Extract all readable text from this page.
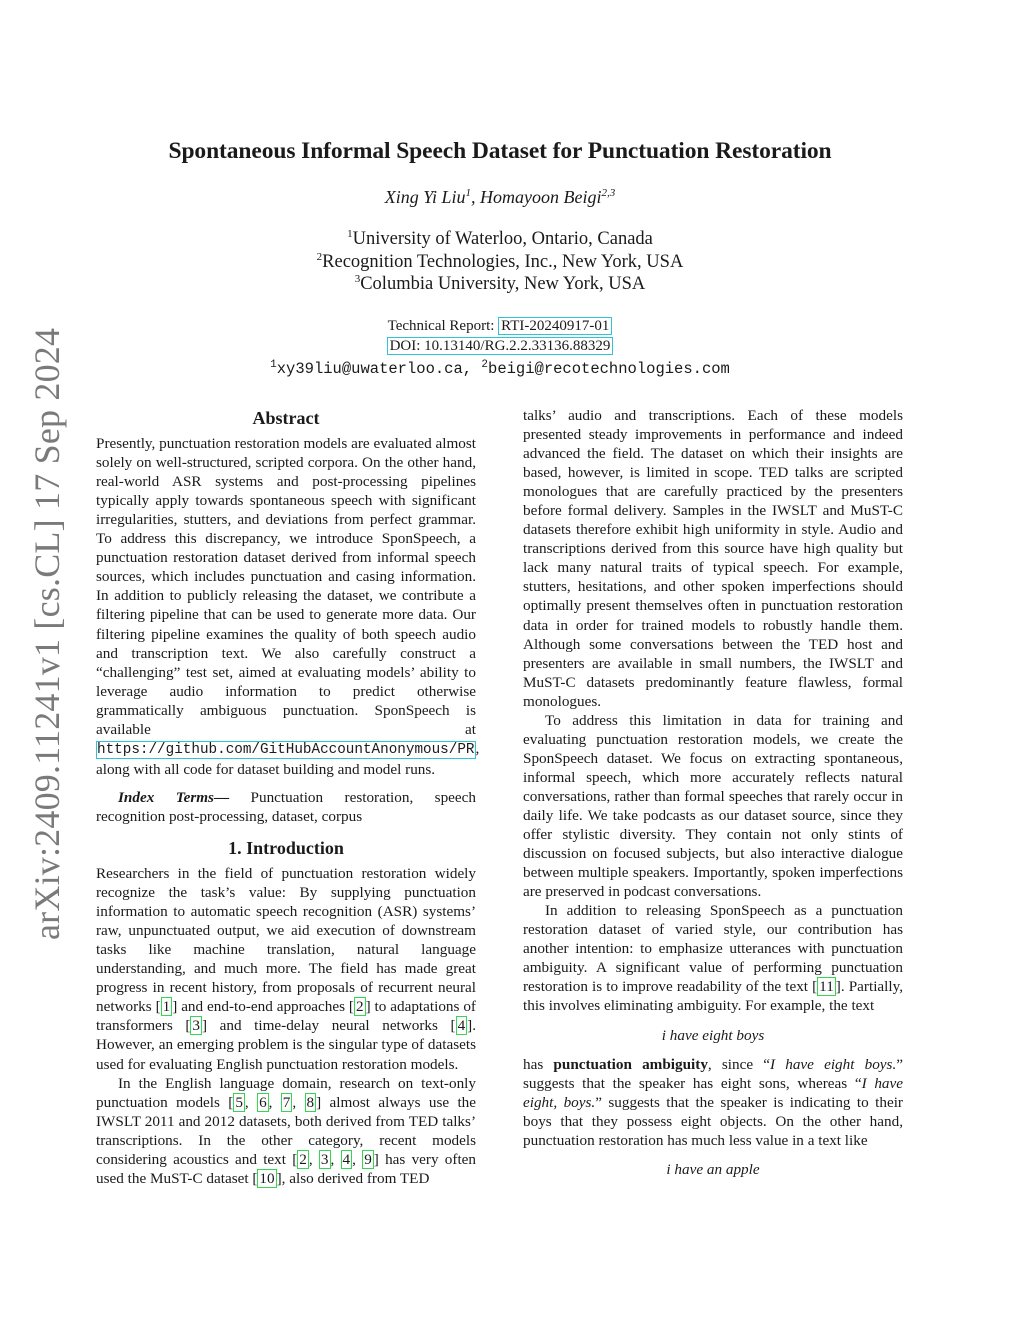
arXiv:2409.11241v1 [cs.CL] 17 Sep 2024
Spontaneous Informal Speech Dataset for Punctuation Restoration
Xing Yi Liu$^1$, Homayoon Beigi$^{2,3}$
$^1$University of Waterloo, Ontario, Canada
$^2$Recognition Technologies, Inc., New York, USA
$^3$Columbia University, New York, USA
Technical Report: RTI-20240917-01
DOI: 10.13140/RG.2.2.33136.88329
$^1$xy39liu@uwaterloo.ca, $^2$beigi@recotechnologies.com

Abstract

Presently, punctuation restoration models are evaluated almost solely on well-structured, scripted corpora. On the other hand, real-world ASR systems and post-processing pipelines typically apply towards spontaneous speech with significant irregularities, stutters, and deviations from perfect grammar. To address this discrepancy, we introduce SponSpeech, a punctuation restoration dataset derived from informal speech sources, which includes punctuation and casing information. In addition to publicly releasing the dataset, we contribute a filtering pipeline that can be used to generate more data. Our filtering pipeline examines the quality of both speech audio and transcription text. We also carefully construct a “challenging” test set, aimed at evaluating models’ ability to leverage audio information to predict otherwise grammatically ambiguous punctuation. SponSpeech is available at https://github.com/GitHubAccountAnonymous/PR, along with all code for dataset building and model runs.

Index Terms— Punctuation restoration, speech recognition post-processing, dataset, corpus

1. Introduction

Researchers in the field of punctuation restoration widely recognize the task’s value: By supplying punctuation information to automatic speech recognition (ASR) systems’ raw, unpunctuated output, we aid execution of downstream tasks like machine translation, natural language understanding, and much more. The field has made great progress in recent history, from proposals of recurrent neural networks [ 1 ] and end-to-end approaches [ 2 ] to adaptations of transformers [ 3 ] and time-delay neural networks [ 4 ]. However, an emerging problem is the singular type of datasets used for evaluating English punctuation restoration models.

In the English language domain, research on text-only punctuation models [ 5 , 6 , 7 , 8 ] almost always use the IWSLT 2011 and 2012 datasets, both derived from TED talks’ transcriptions. In the other category, recent models considering acoustics and text [ 2 , 3 , 4 , 9 ] has very often used the MuST-C dataset [ 10 ], also derived from TED

talks’ audio and transcriptions. Each of these models presented steady improvements in performance and indeed advanced the field. The dataset on which their insights are based, however, is limited in scope. TED talks are scripted monologues that are carefully practiced by the presenters before formal delivery. Samples in the IWSLT and MuST-C datasets therefore exhibit high uniformity in style. Audio and transcriptions derived from this source have high quality but lack many natural traits of typical speech. For example, stutters, hesitations, and other spoken imperfections should optimally present themselves often in punctuation restoration data in order for trained models to robustly handle them. Although some conversations between the TED host and presenters are available in small numbers, the IWSLT and MuST-C datasets predominantly feature flawless, formal monologues.

To address this limitation in data for training and evaluating punctuation restoration models, we create the SponSpeech dataset. We focus on extracting spontaneous, informal speech, which more accurately reflects natural conversations, rather than formal speeches that rarely occur in daily life. We take podcasts as our dataset source, since they offer stylistic diversity. They contain not only stints of discussion on focused subjects, but also interactive dialogue between multiple speakers. Importantly, spoken imperfections are preserved in podcast conversations.

In addition to releasing SponSpeech as a punctuation restoration dataset of varied style, our contribution has another intention: to emphasize utterances with punctuation ambiguity. A significant value of performing punctuation restoration is to improve readability of the text [ 11 ]. Partially, this involves eliminating ambiguity. For example, the text

i have eight boys

has punctuation ambiguity, since “I have eight boys.” suggests that the speaker has eight sons, whereas “I have eight, boys.” suggests that the speaker is indicating to their boys that they possess eight objects. On the other hand, punctuation restoration has much less value in a text like

i have an apple
